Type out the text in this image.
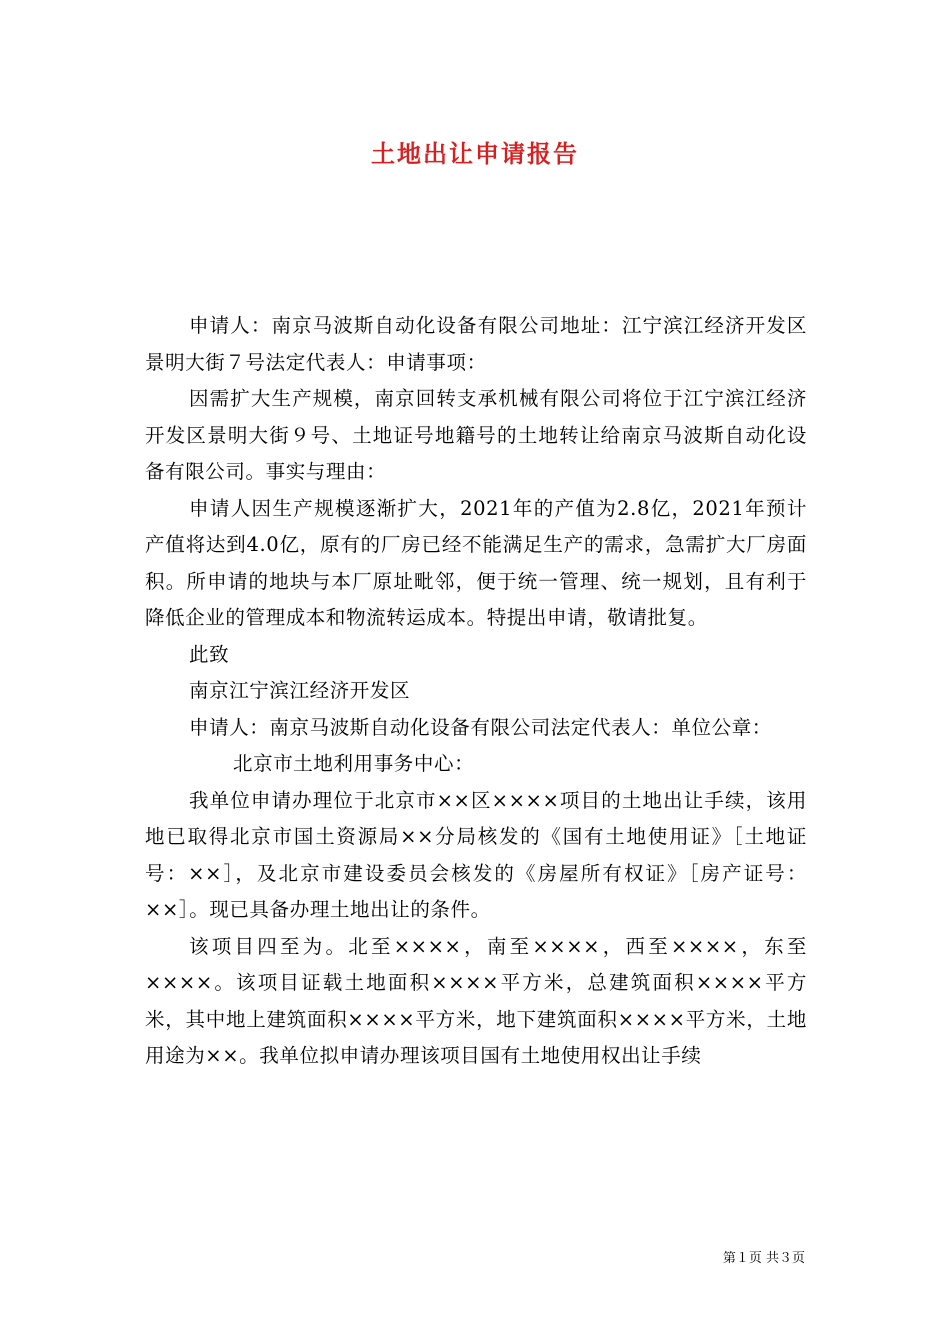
土地出让申请报告

申请人：南京马波斯自动化设备有限公司地址：江宁滨江经济开发区景明大街７号法定代表人：申请事项：

因需扩大生产规模，南京回转支承机械有限公司将位于江宁滨江经济开发区景明大街９号、土地证号地籍号的土地转让给南京马波斯自动化设备有限公司。事实与理由：

申请人因生产规模逐渐扩大，2021年的产值为2.8亿，2021年预计产值将达到4.0亿，原有的厂房已经不能满足生产的需求，急需扩大厂房面积。所申请的地块与本厂原址毗邻，便于统一管理、统一规划，且有利于降低企业的管理成本和物流转运成本。特提出申请，敬请批复。

此致

南京江宁滨江经济开发区

申请人：南京马波斯自动化设备有限公司法定代表人：单位公章：

北京市土地利用事务中心：

我单位申请办理位于北京市××区××××项目的土地出让手续，该用地已取得北京市国土资源局××分局核发的《国有土地使用证》［土地证号：××］，及北京市建设委员会核发的《房屋所有权证》［房产证号：××］。现已具备办理土地出让的条件。

该项目四至为。北至××××，南至××××，西至××××，东至××××。该项目证载土地面积××××平方米，总建筑面积××××平方米，其中地上建筑面积××××平方米，地下建筑面积××××平方米，土地用途为××。我单位拟申请办理该项目国有土地使用权出让手续

第１页 共３页
